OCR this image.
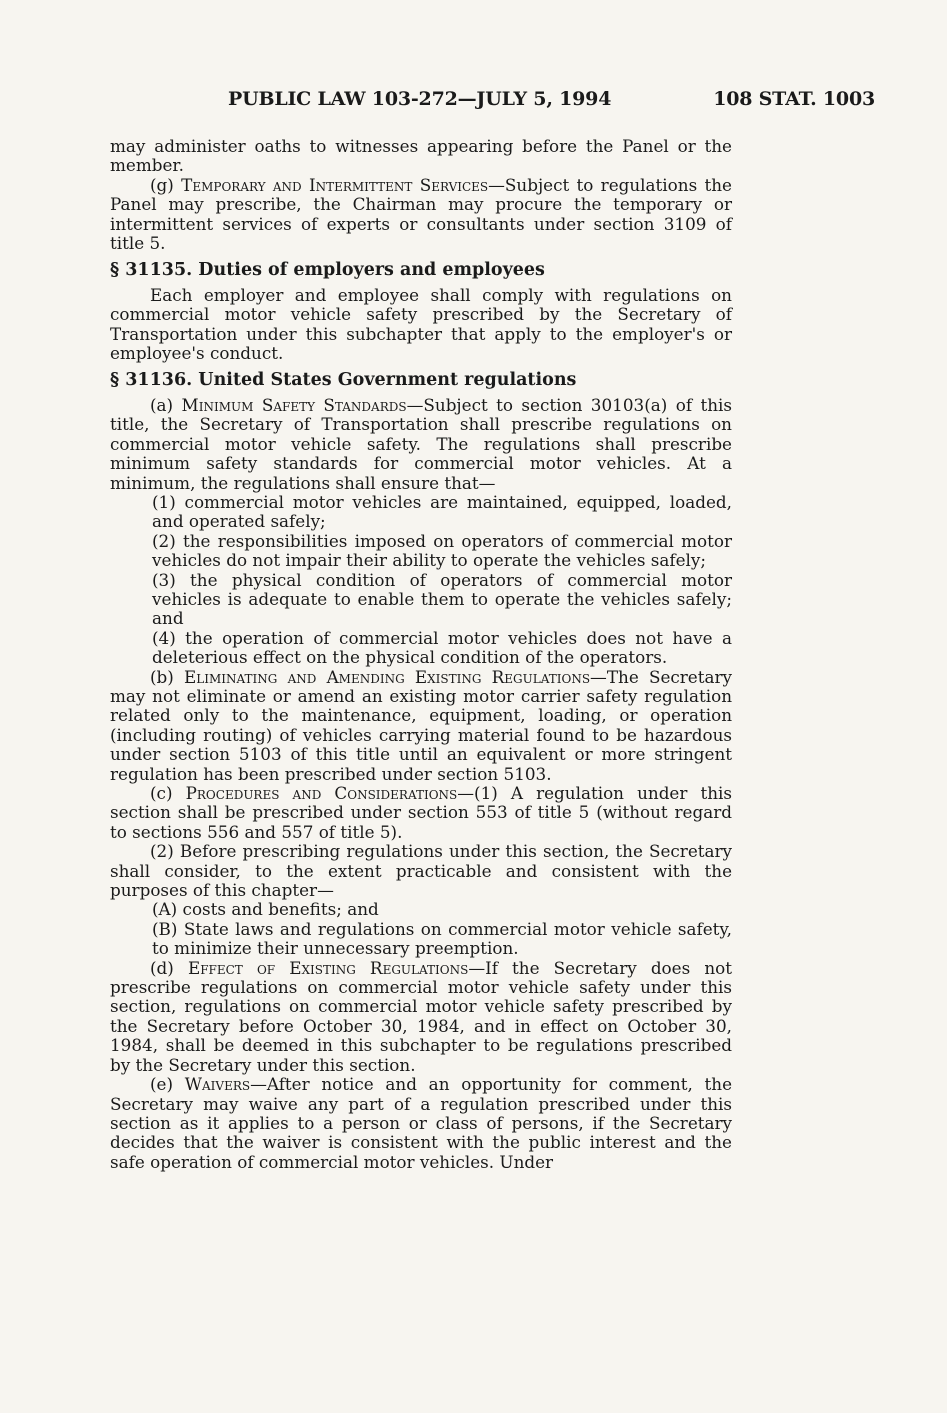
PUBLIC LAW 103-272—JULY 5, 1994	108 STAT. 1003

may administer oaths to witnesses appearing before the Panel or the member.

(g) Temporary and Intermittent Services—Subject to regulations the Panel may prescribe, the Chairman may procure the temporary or intermittent services of experts or consultants under section 3109 of title 5.

§ 31135. Duties of employers and employees

Each employer and employee shall comply with regulations on commercial motor vehicle safety prescribed by the Secretary of Transportation under this subchapter that apply to the employer's or employee's conduct.

§ 31136. United States Government regulations

(a) Minimum Safety Standards—Subject to section 30103(a) of this title, the Secretary of Transportation shall prescribe regulations on commercial motor vehicle safety. The regulations shall prescribe minimum safety standards for commercial motor vehicles. At a minimum, the regulations shall ensure that—

(1) commercial motor vehicles are maintained, equipped, loaded, and operated safely;

(2) the responsibilities imposed on operators of commercial motor vehicles do not impair their ability to operate the vehicles safely;

(3) the physical condition of operators of commercial motor vehicles is adequate to enable them to operate the vehicles safely; and

(4) the operation of commercial motor vehicles does not have a deleterious effect on the physical condition of the operators.

(b) Eliminating and Amending Existing Regulations—The Secretary may not eliminate or amend an existing motor carrier safety regulation related only to the maintenance, equipment, loading, or operation (including routing) of vehicles carrying material found to be hazardous under section 5103 of this title until an equivalent or more stringent regulation has been prescribed under section 5103.

(c) Procedures and Considerations—(1) A regulation under this section shall be prescribed under section 553 of title 5 (without regard to sections 556 and 557 of title 5).

(2) Before prescribing regulations under this section, the Secretary shall consider, to the extent practicable and consistent with the purposes of this chapter—

(A) costs and benefits; and

(B) State laws and regulations on commercial motor vehicle safety, to minimize their unnecessary preemption.

(d) Effect of Existing Regulations—If the Secretary does not prescribe regulations on commercial motor vehicle safety under this section, regulations on commercial motor vehicle safety prescribed by the Secretary before October 30, 1984, and in effect on October 30, 1984, shall be deemed in this subchapter to be regulations prescribed by the Secretary under this section.

(e) Waivers—After notice and an opportunity for comment, the Secretary may waive any part of a regulation prescribed under this section as it applies to a person or class of persons, if the Secretary decides that the waiver is consistent with the public interest and the safe operation of commercial motor vehicles. Under
